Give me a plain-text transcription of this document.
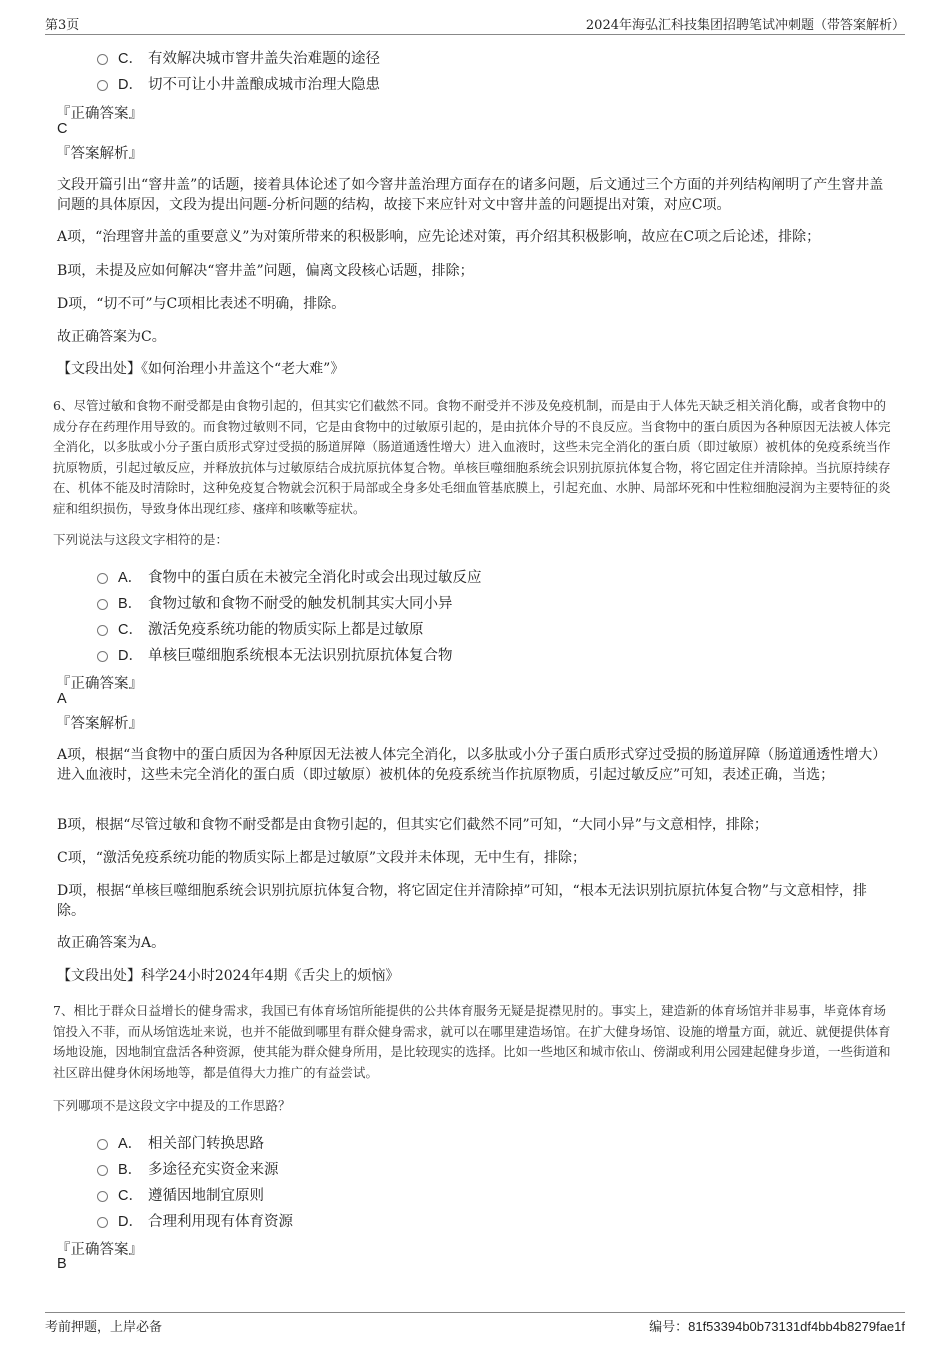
第3页	2024年海弘汇科技集团招聘笔试冲刺题（带答案解析）
C． 有效解决城市窨井盖失治难题的途径
D． 切不可让小井盖酿成城市治理大隐患
『正确答案』
C
『答案解析』
文段开篇引出“窨井盖”的话题，接着具体论述了如今窨井盖治理方面存在的诸多问题，后文通过三个方面的并列结构阐明了产生窨井盖问题的具体原因，文段为提出问题-分析问题的结构，故接下来应针对文中窨井盖的问题提出对策，对应C项。
A项，“治理窨井盖的重要意义”为对策所带来的积极影响，应先论述对策，再介绍其积极影响，故应在C项之后论述，排除；
B项，未提及应如何解决“窨井盖”问题，偏离文段核心话题，排除；
D项，“切不可”与C项相比表述不明确，排除。
故正确答案为C。
【文段出处】《如何治理小井盖这个“老大难”》
6、尽管过敏和食物不耐受都是由食物引起的，但其实它们截然不同。食物不耐受并不涉及免疫机制，而是由于人体先天缺乏相关消化酶，或者食物中的成分存在药理作用导致的。而食物过敏则不同，它是由食物中的过敏原引起的，是由抗体介导的不良反应。当食物中的蛋白质因为各种原因无法被人体完全消化，以多肽或小分子蛋白质形式穿过受损的肠道屏障（肠道通透性增大）进入血液时，这些未完全消化的蛋白质（即过敏原）被机体的免疫系统当作抗原物质，引起过敏反应，并释放抗体与过敏原结合成抗原抗体复合物。单核巨噬细胞系统会识别抗原抗体复合物，将它固定住并清除掉。当抗原持续存在、机体不能及时清除时，这种免疫复合物就会沉积于局部或全身多处毛细血管基底膜上，引起充血、水肿、局部坏死和中性粒细胞浸润为主要特征的炎症和组织损伤，导致身体出现红疹、瘙痒和咳嗽等症状。
下列说法与这段文字相符的是：
A． 食物中的蛋白质在未被完全消化时或会出现过敏反应
B． 食物过敏和食物不耐受的触发机制其实大同小异
C． 激活免疫系统功能的物质实际上都是过敏原
D． 单核巨噬细胞系统根本无法识别抗原抗体复合物
『正确答案』
A
『答案解析』
A项，根据“当食物中的蛋白质因为各种原因无法被人体完全消化，以多肽或小分子蛋白质形式穿过受损的肠道屏障（肠道通透性增大）进入血液时，这些未完全消化的蛋白质（即过敏原）被机体的免疫系统当作抗原物质，引起过敏反应”可知，表述正确，当选；
B项，根据“尽管过敏和食物不耐受都是由食物引起的，但其实它们截然不同”可知，“大同小异”与文意相悖，排除；
C项，“激活免疫系统功能的物质实际上都是过敏原”文段并未体现，无中生有，排除；
D项，根据“单核巨噬细胞系统会识别抗原抗体复合物，将它固定住并清除掉”可知，“根本无法识别抗原抗体复合物”与文意相悖，排除。
故正确答案为A。
【文段出处】科学24小时2024年4期《舌尖上的烦恼》
7、相比于群众日益增长的健身需求，我国已有体育场馆所能提供的公共体育服务无疑是捉襟见肘的。事实上，建造新的体育场馆并非易事，毕竟体育场馆投入不菲，而从场馆选址来说，也并不能做到哪里有群众健身需求，就可以在哪里建造场馆。在扩大健身场馆、设施的增量方面，就近、就便提供体育场地设施，因地制宜盘活各种资源，使其能为群众健身所用，是比较现实的选择。比如一些地区和城市依山、傍湖或利用公园建起健身步道，一些街道和社区辟出健身休闲场地等，都是值得大力推广的有益尝试。
下列哪项不是这段文字中提及的工作思路？
A． 相关部门转换思路
B． 多途径充实资金来源
C． 遵循因地制宜原则
D． 合理利用现有体育资源
『正确答案』
B
考前押题，上岸必备	编号：81f53394b0b73131df4bb4b8279fae1f
